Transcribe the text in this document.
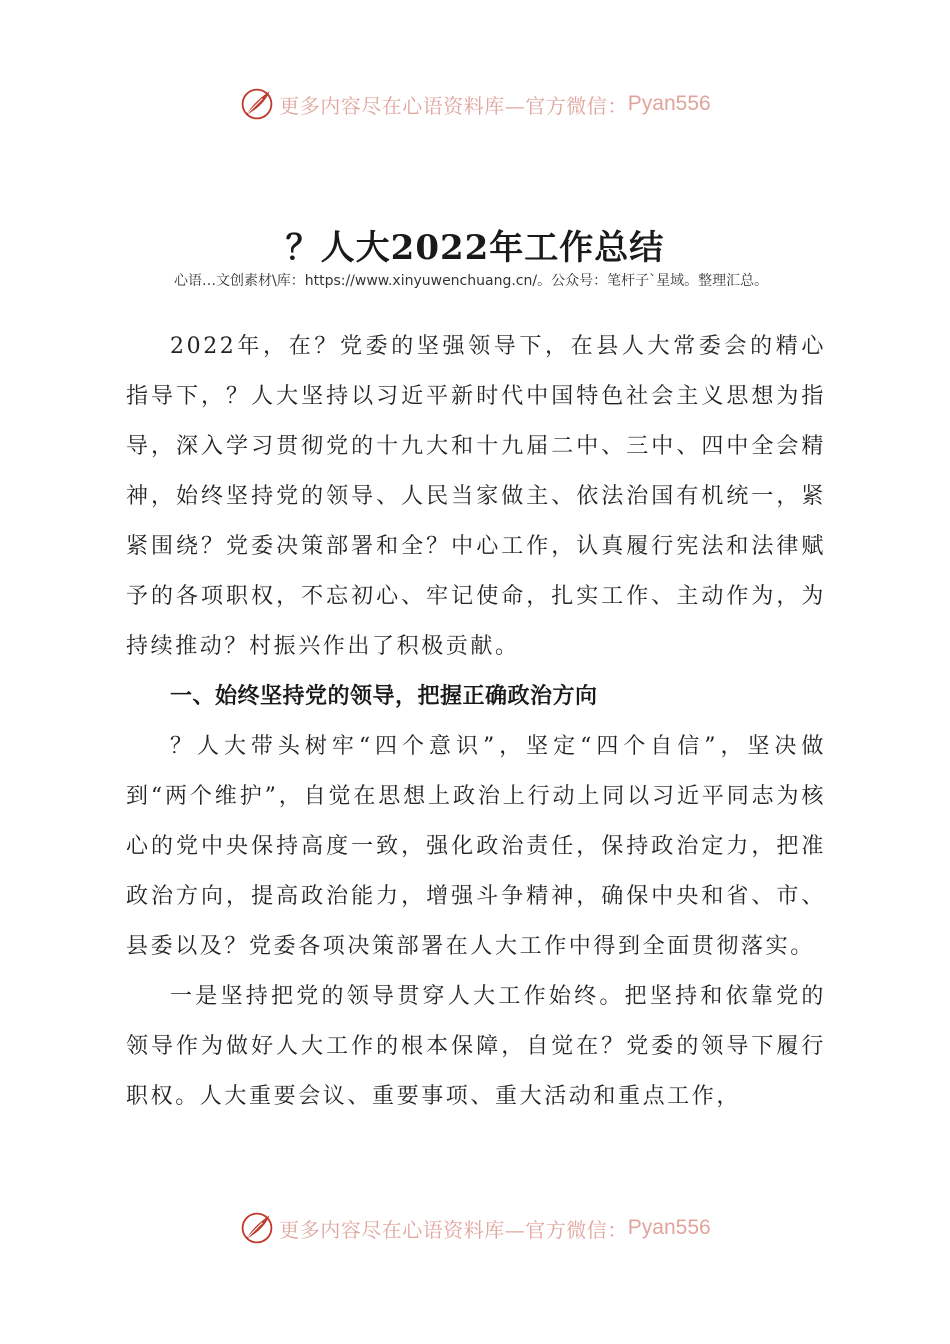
更多内容尽在心语资料库—官方微信： Pyan556
？人大2022年工作总结

心语…文创素材\库：https://www.xinyuwenchuang.cn/。公众号：笔杆子`星域。整理汇总。

2022年，在？党委的坚强领导下，在县人大常委会的精心指导下，？人大坚持以习近平新时代中国特色社会主义思想为指导，深入学习贯彻党的十九大和十九届二中、三中、四中全会精神，始终坚持党的领导、人民当家做主、依法治国有机统一，紧紧围绕？党委决策部署和全？中心工作，认真履行宪法和法律赋予的各项职权，不忘初心、牢记使命，扎实工作、主动作为，为持续推动？村振兴作出了积极贡献。

一、始终坚持党的领导，把握正确政治方向

？人大带头树牢“四个意识”，坚定“四个自信”，坚决做到“两个维护”，自觉在思想上政治上行动上同以习近平同志为核心的党中央保持高度一致，强化政治责任，保持政治定力，把准政治方向，提高政治能力，增强斗争精神，确保中央和省、市、县委以及？党委各项决策部署在人大工作中得到全面贯彻落实。

一是坚持把党的领导贯穿人大工作始终。把坚持和依靠党的领导作为做好人大工作的根本保障，自觉在？党委的领导下履行职权。人大重要会议、重要事项、重大活动和重点工作，

更多内容尽在心语资料库—官方微信： Pyan556
